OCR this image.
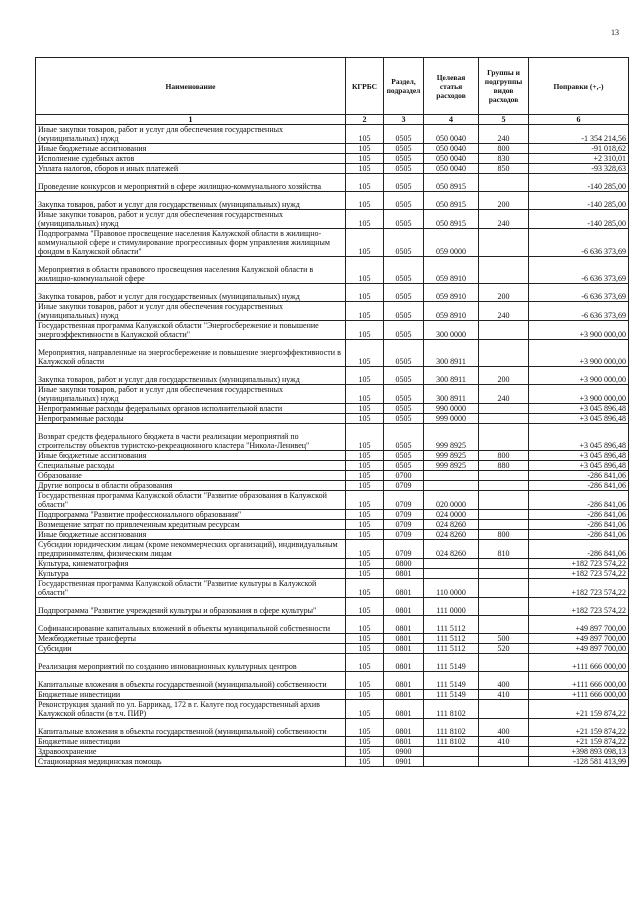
13
Наименование	КГРБС	Раздел, подраздел	Целевая статья расходов	Группы и подгруппы видов расходов	Поправки (+,-)
1	2	3	4	5	6
Иные закупки товаров, работ и услуг для обеспечения государственных (муниципальных) нужд	105	0505	050 0040	240	-1 354 214,56
Иные бюджетные ассигнования	105	0505	050 0040	800	-91 018,62
Исполнение судебных актов	105	0505	050 0040	830	+2 310,01
Уплата налогов, сборов и иных платежей	105	0505	050 0040	850	-93 328,63
Проведение конкурсов и мероприятий в сфере жилищно-коммунального хозяйства	105	0505	050 8915		-140 285,00
Закупка товаров, работ и услуг для государственных (муниципальных) нужд	105	0505	050 8915	200	-140 285,00
Иные закупки товаров, работ и услуг для обеспечения государственных (муниципальных) нужд	105	0505	050 8915	240	-140 285,00
Подпрограмма "Правовое просвещение населения Калужской области в жилищно-коммунальной сфере и стимулирование прогрессивных форм управления жилищным фондом в Калужской области"	105	0505	059 0000		-6 636 373,69
Мероприятия в области правового просвещения населения Калужской области в жилищно-коммунальной сфере	105	0505	059 8910		-6 636 373,69
Закупка товаров, работ и услуг для государственных (муниципальных) нужд	105	0505	059 8910	200	-6 636 373,69
Иные закупки товаров, работ и услуг для обеспечения государственных (муниципальных) нужд	105	0505	059 8910	240	-6 636 373,69
Государственная программа Калужской области "Энергосбережение и повышение энергоэффективности в Калужской области"	105	0505	300 0000		+3 900 000,00
Мероприятия, направленные на энергосбережение и повышение энергоэффективности в Калужской области	105	0505	300 8911		+3 900 000,00
Закупка товаров, работ и услуг для государственных (муниципальных) нужд	105	0505	300 8911	200	+3 900 000,00
Иные закупки товаров, работ и услуг для обеспечения государственных (муниципальных) нужд	105	0505	300 8911	240	+3 900 000,00
Непрограммные расходы федеральных органов исполнительной власти	105	0505	990 0000		+3 045 896,48
Непрограммные расходы	105	0505	999 0000		+3 045 896,48
Возврат средств федерального бюджета в части реализации мероприятий по строительству объектов туристско-рекреационного кластера "Никола-Ленивец"	105	0505	999 8925		+3 045 896,48
Иные бюджетные ассигнования	105	0505	999 8925	800	+3 045 896,48
Специальные расходы	105	0505	999 8925	880	+3 045 896,48
Образование	105	0700			-286 841,06
Другие вопросы в области образования	105	0709			-286 841,06
Государственная программа Калужской области "Развитие образования в Калужской области"	105	0709	020 0000		-286 841,06
Подпрограмма "Развитие профессионального образования"	105	0709	024 0000		-286 841,06
Возмещение затрат по привлеченным кредитным ресурсам	105	0709	024 8260		-286 841,06
Иные бюджетные ассигнования	105	0709	024 8260	800	-286 841,06
Субсидии юридическим лицам (кроме некоммерческих организаций), индивидуальным предпринимателям, физическим лицам	105	0709	024 8260	810	-286 841,06
Культура, кинематография	105	0800			+182 723 574,22
Культура	105	0801			+182 723 574,22
Государственная программа Калужской области "Развитие культуры в Калужской области"	105	0801	110 0000		+182 723 574,22
Подпрограмма "Развитие учреждений культуры и образования в сфере культуры"	105	0801	111 0000		+182 723 574,22
Софинансирование капитальных вложений в объекты муниципальной собственности	105	0801	111 5112		+49 897 700,00
Межбюджетные трансферты	105	0801	111 5112	500	+49 897 700,00
Субсидии	105	0801	111 5112	520	+49 897 700,00
Реализация мероприятий по созданию инновационных культурных центров	105	0801	111 5149		+111 666 000,00
Капитальные вложения в объекты государственной (муниципальной) собственности	105	0801	111 5149	400	+111 666 000,00
Бюджетные инвестиции	105	0801	111 5149	410	+111 666 000,00
Реконструкция зданий по ул. Баррикад, 172 в г. Калуге под государственный архив Калужской области (в т.ч. ПИР)	105	0801	111 8102		+21 159 874,22
Капитальные вложения в объекты государственной (муниципальной) собственности	105	0801	111 8102	400	+21 159 874,22
Бюджетные инвестиции	105	0801	111 8102	410	+21 159 874,22
Здравоохранение	105	0900			+398 893 098,13
Стационарная медицинская помощь	105	0901			-128 581 413,99
